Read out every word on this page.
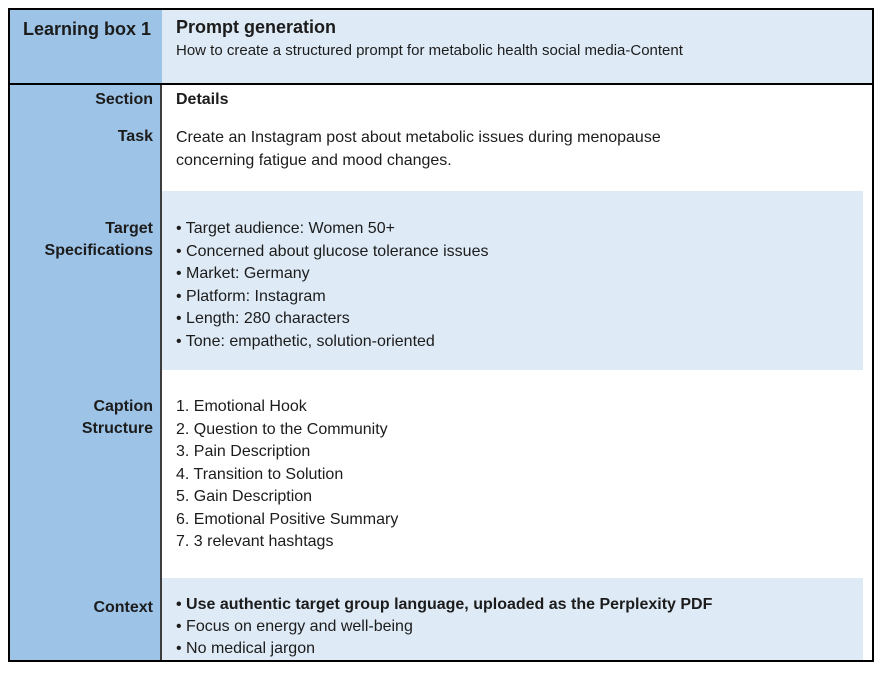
Learning box 1	Prompt generation
How to create a structured prompt for metabolic health social media-Content
Section
Task
Target Specifications
Caption Structure
Context
Details
Create an Instagram post about metabolic issues during menopause concerning fatigue and mood changes.
• Target audience: Women 50+
• Concerned about glucose tolerance issues
• Market: Germany
• Platform: Instagram
• Length: 280 characters
• Tone: empathetic, solution-oriented
Emotional Hook
Question to the Community
Pain Description
Transition to Solution
Gain Description
Emotional Positive Summary
3 relevant hashtags
• Use authentic target group language, uploaded as the Perplexity PDF
• Focus on energy and well-being
• No medical jargon
